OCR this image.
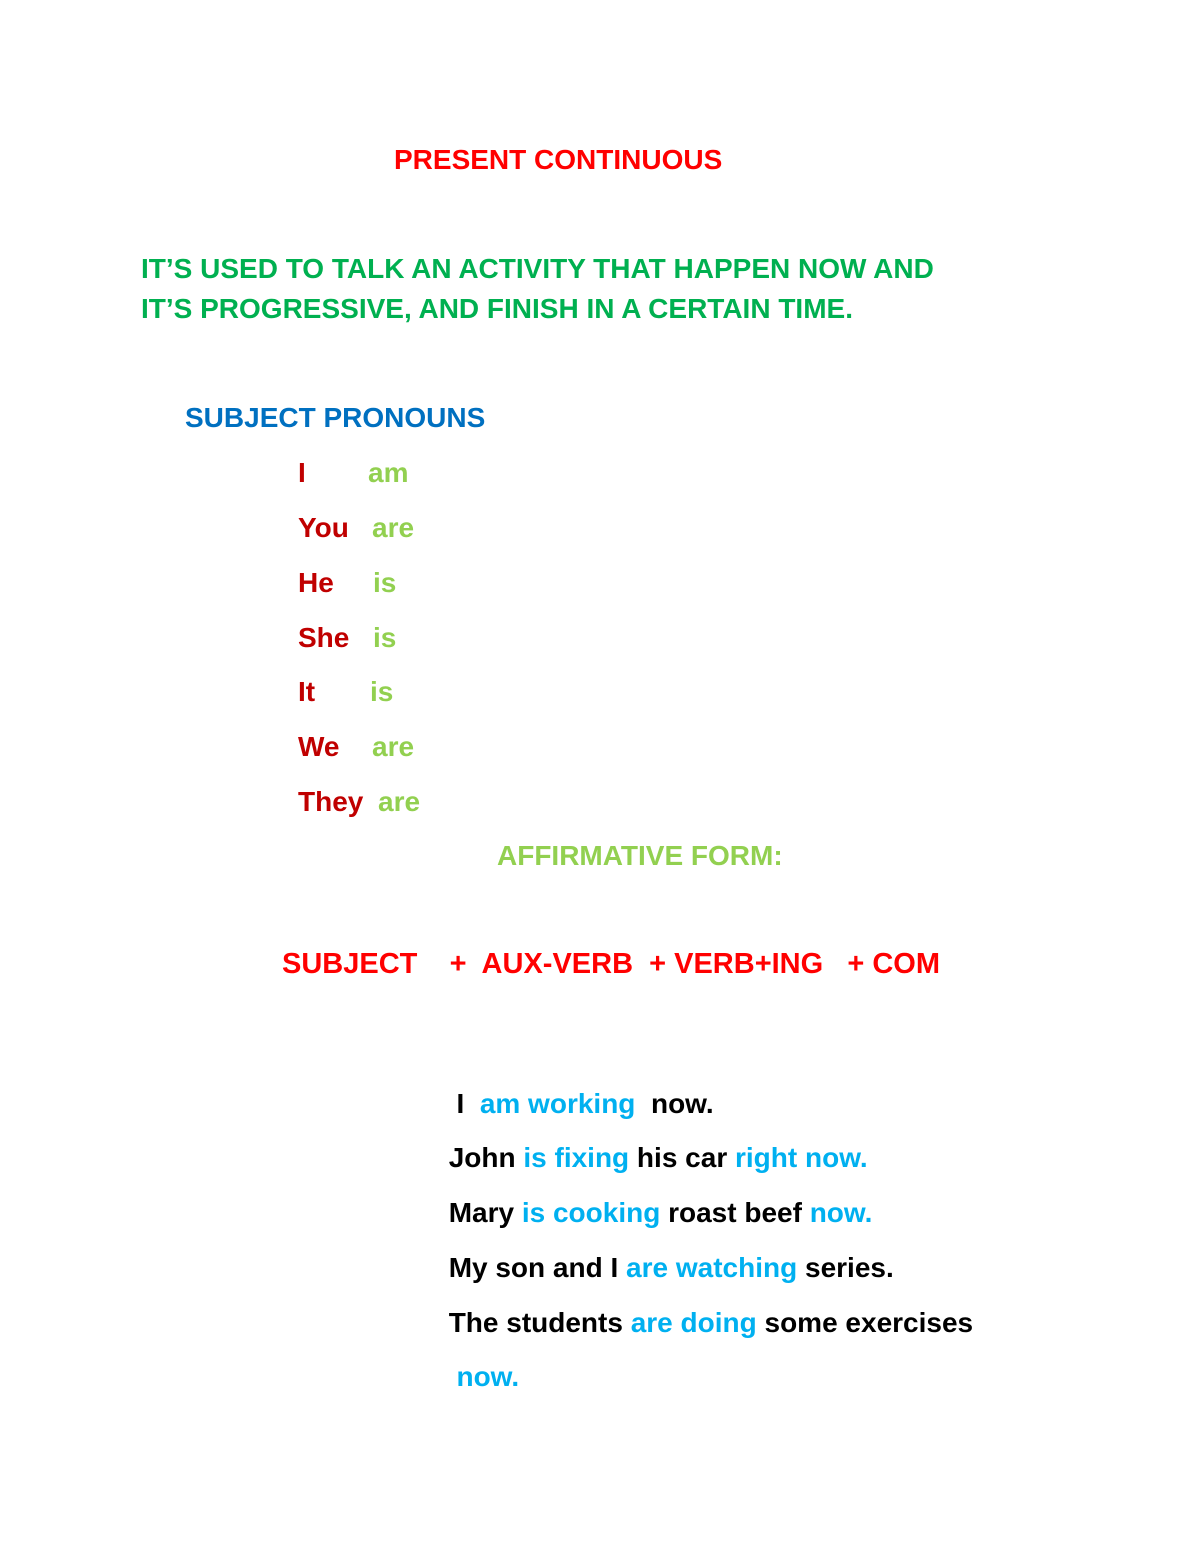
PRESENT CONTINUOUS

IT’S USED TO TALK AN ACTIVITY THAT HAPPEN NOW AND

IT’S PROGRESSIVE, AND FINISH IN A CERTAIN TIME.

SUBJECT PRONOUNS

I am
You are
He is
She is
It is
We are
They are

AFFIRMATIVE FORM:

SUBJECT    +  AUX-VERB  + VERB+ING   + COM

I  am working  now.

John is fixing his car right now.

Mary is cooking roast beef now.

My son and I are watching series.

The students are doing some exercises

now.
